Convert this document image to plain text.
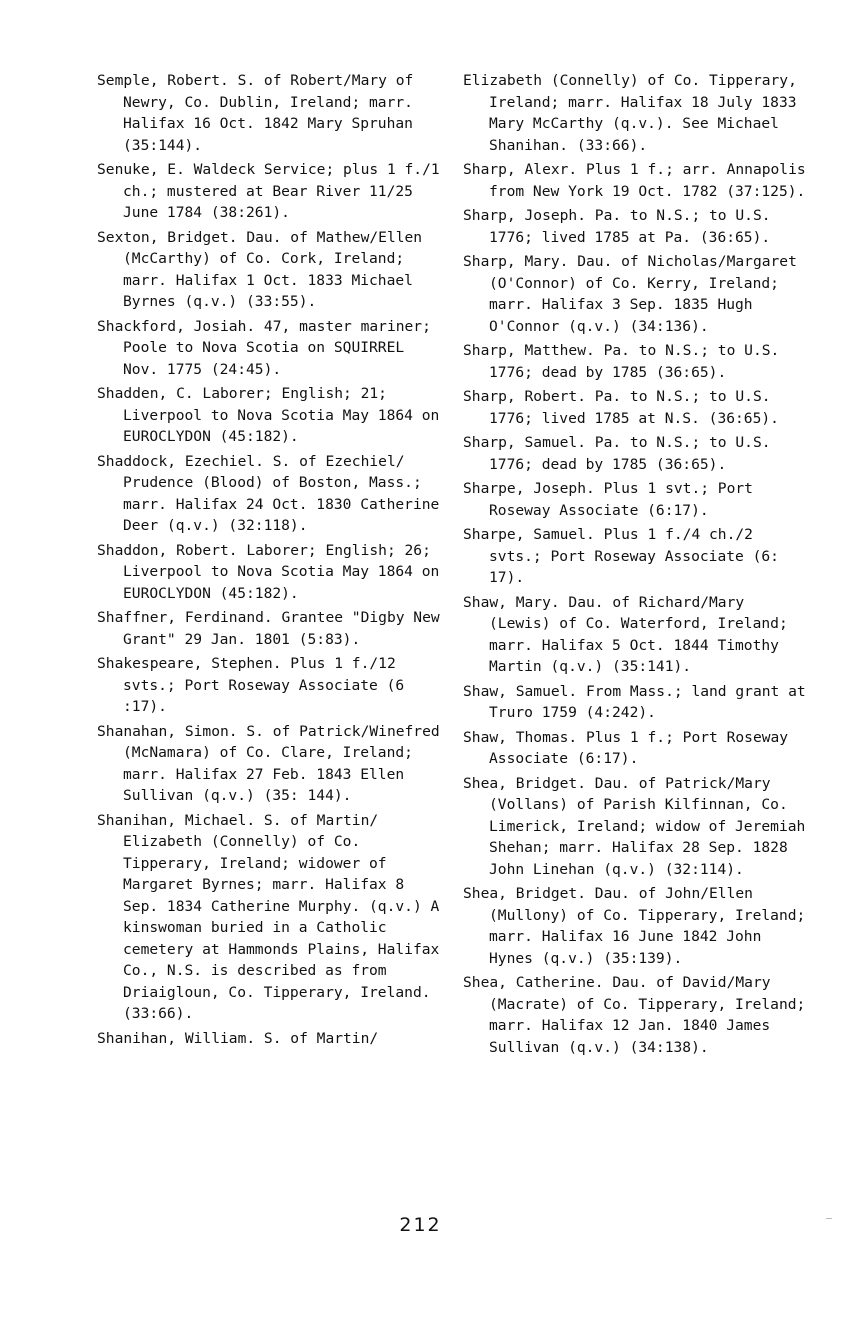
Semple, Robert. S. of Robert/Mary of Newry, Co. Dublin, Ireland; marr. Halifax 16 Oct. 1842 Mary Spruhan (35:144).

Senuke, E. Waldeck Service; plus 1 f./1 ch.; mustered at Bear River 11/25 June 1784 (38:261).

Sexton, Bridget. Dau. of Mathew/Ellen (McCarthy) of Co. Cork, Ireland; marr. Halifax 1 Oct. 1833 Michael Byrnes (q.v.) (33:55).

Shackford, Josiah. 47, master mariner; Poole to Nova Scotia on SQUIRREL Nov. 1775 (24:45).

Shadden, C. Laborer; English; 21; Liverpool to Nova Scotia May 1864 on EUROCLYDON (45:182).

Shaddock, Ezechiel. S. of Ezechiel/ Prudence (Blood) of Boston, Mass.; marr. Halifax 24 Oct. 1830 Catherine Deer (q.v.) (32:118).

Shaddon, Robert. Laborer; English; 26; Liverpool to Nova Scotia May 1864 on EUROCLYDON (45:182).

Shaffner, Ferdinand. Grantee "Digby New Grant" 29 Jan. 1801 (5:83).

Shakespeare, Stephen. Plus 1 f./12 svts.; Port Roseway Associate (6 :17).

Shanahan, Simon. S. of Patrick/Winefred (McNamara) of Co. Clare, Ireland; marr. Halifax 27 Feb. 1843 Ellen Sullivan (q.v.) (35: 144).

Shanihan, Michael. S. of Martin/ Elizabeth (Connelly) of Co. Tipperary, Ireland; widower of Margaret Byrnes; marr. Halifax 8 Sep. 1834 Catherine Murphy. (q.v.) A kinswoman buried in a Catholic cemetery at Hammonds Plains, Halifax Co., N.S. is described as from Driaigloun, Co. Tipperary, Ireland. (33:66).

Shanihan, William. S. of Martin/

Elizabeth (Connelly) of Co. Tipperary, Ireland; marr. Halifax 18 July 1833 Mary McCarthy (q.v.). See Michael Shanihan. (33:66).

Sharp, Alexr. Plus 1 f.; arr. Annapolis from New York 19 Oct. 1782 (37:125).

Sharp, Joseph. Pa. to N.S.; to U.S. 1776; lived 1785 at Pa. (36:65).

Sharp, Mary. Dau. of Nicholas/Margaret (O'Connor) of Co. Kerry, Ireland; marr. Halifax 3 Sep. 1835 Hugh O'Connor (q.v.) (34:136).

Sharp, Matthew. Pa. to N.S.; to U.S. 1776; dead by 1785 (36:65).

Sharp, Robert. Pa. to N.S.; to U.S. 1776; lived 1785 at N.S. (36:65).

Sharp, Samuel. Pa. to N.S.; to U.S. 1776; dead by 1785 (36:65).

Sharpe, Joseph. Plus 1 svt.; Port Roseway Associate (6:17).

Sharpe, Samuel. Plus 1 f./4 ch./2 svts.; Port Roseway Associate (6: 17).

Shaw, Mary. Dau. of Richard/Mary (Lewis) of Co. Waterford, Ireland; marr. Halifax 5 Oct. 1844 Timothy Martin (q.v.) (35:141).

Shaw, Samuel. From Mass.; land grant at Truro 1759 (4:242).

Shaw, Thomas. Plus 1 f.; Port Roseway Associate (6:17).

Shea, Bridget. Dau. of Patrick/Mary (Vollans) of Parish Kilfinnan, Co. Limerick, Ireland; widow of Jeremiah Shehan; marr. Halifax 28 Sep. 1828 John Linehan (q.v.) (32:114).

Shea, Bridget. Dau. of John/Ellen (Mullony) of Co. Tipperary, Ireland; marr. Halifax 16 June 1842 John Hynes (q.v.) (35:139).

Shea, Catherine. Dau. of David/Mary (Macrate) of Co. Tipperary, Ireland; marr. Halifax 12 Jan. 1840 James Sullivan (q.v.) (34:138).

212
